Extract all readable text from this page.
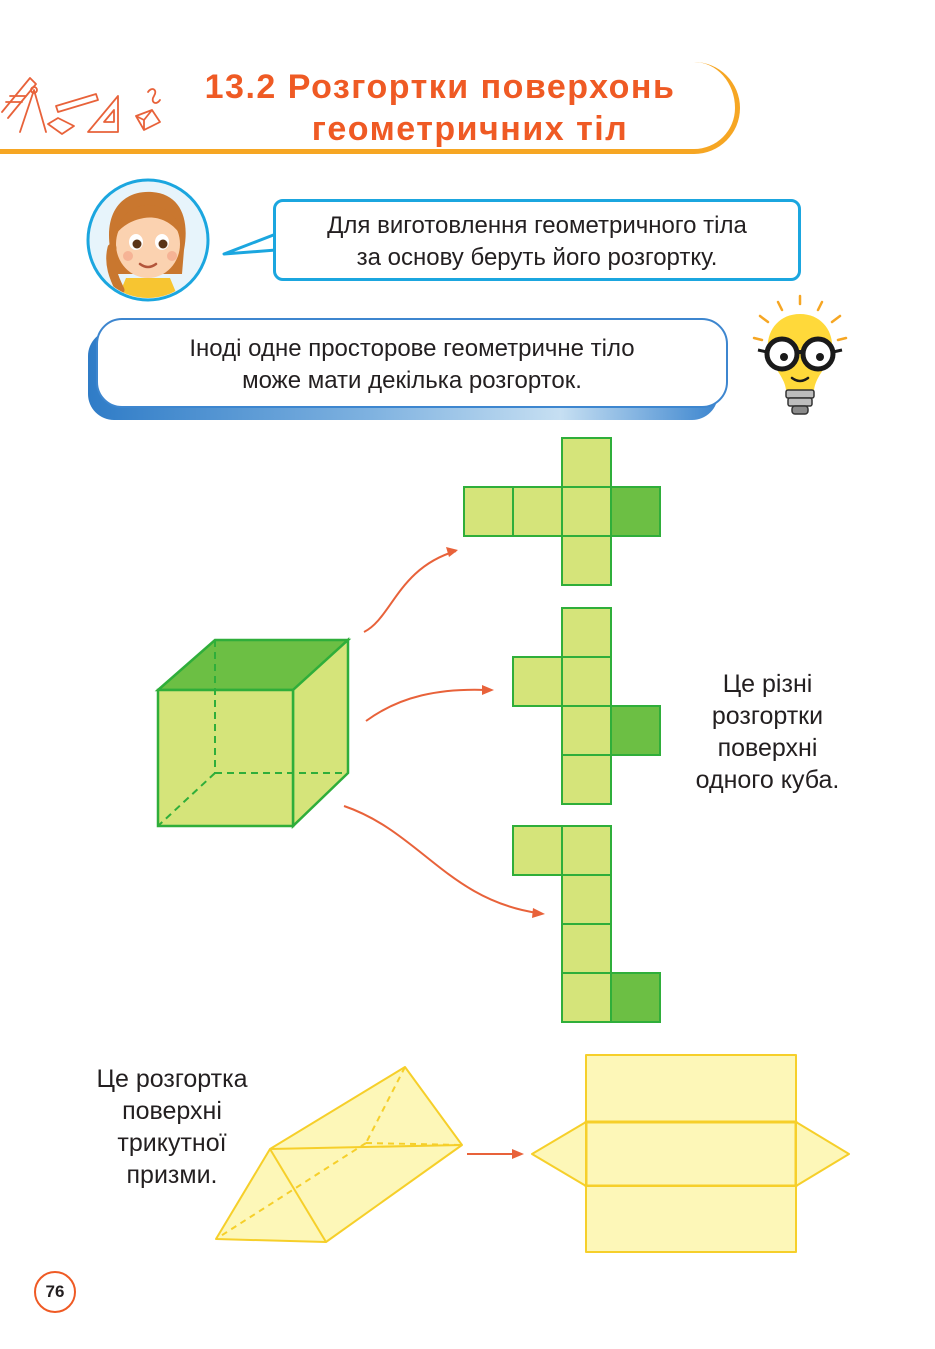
13.2 Розгортки поверхонь
геометричних тіл
Для виготовлення геометричного тіла
за основу беруть його розгортку.
Іноді одне просторове геометричне тіло
може мати декілька розгорток.
Це різні
розгортки
поверхні
одного куба.
Це розгортка
поверхні
трикутної
призми.
76
